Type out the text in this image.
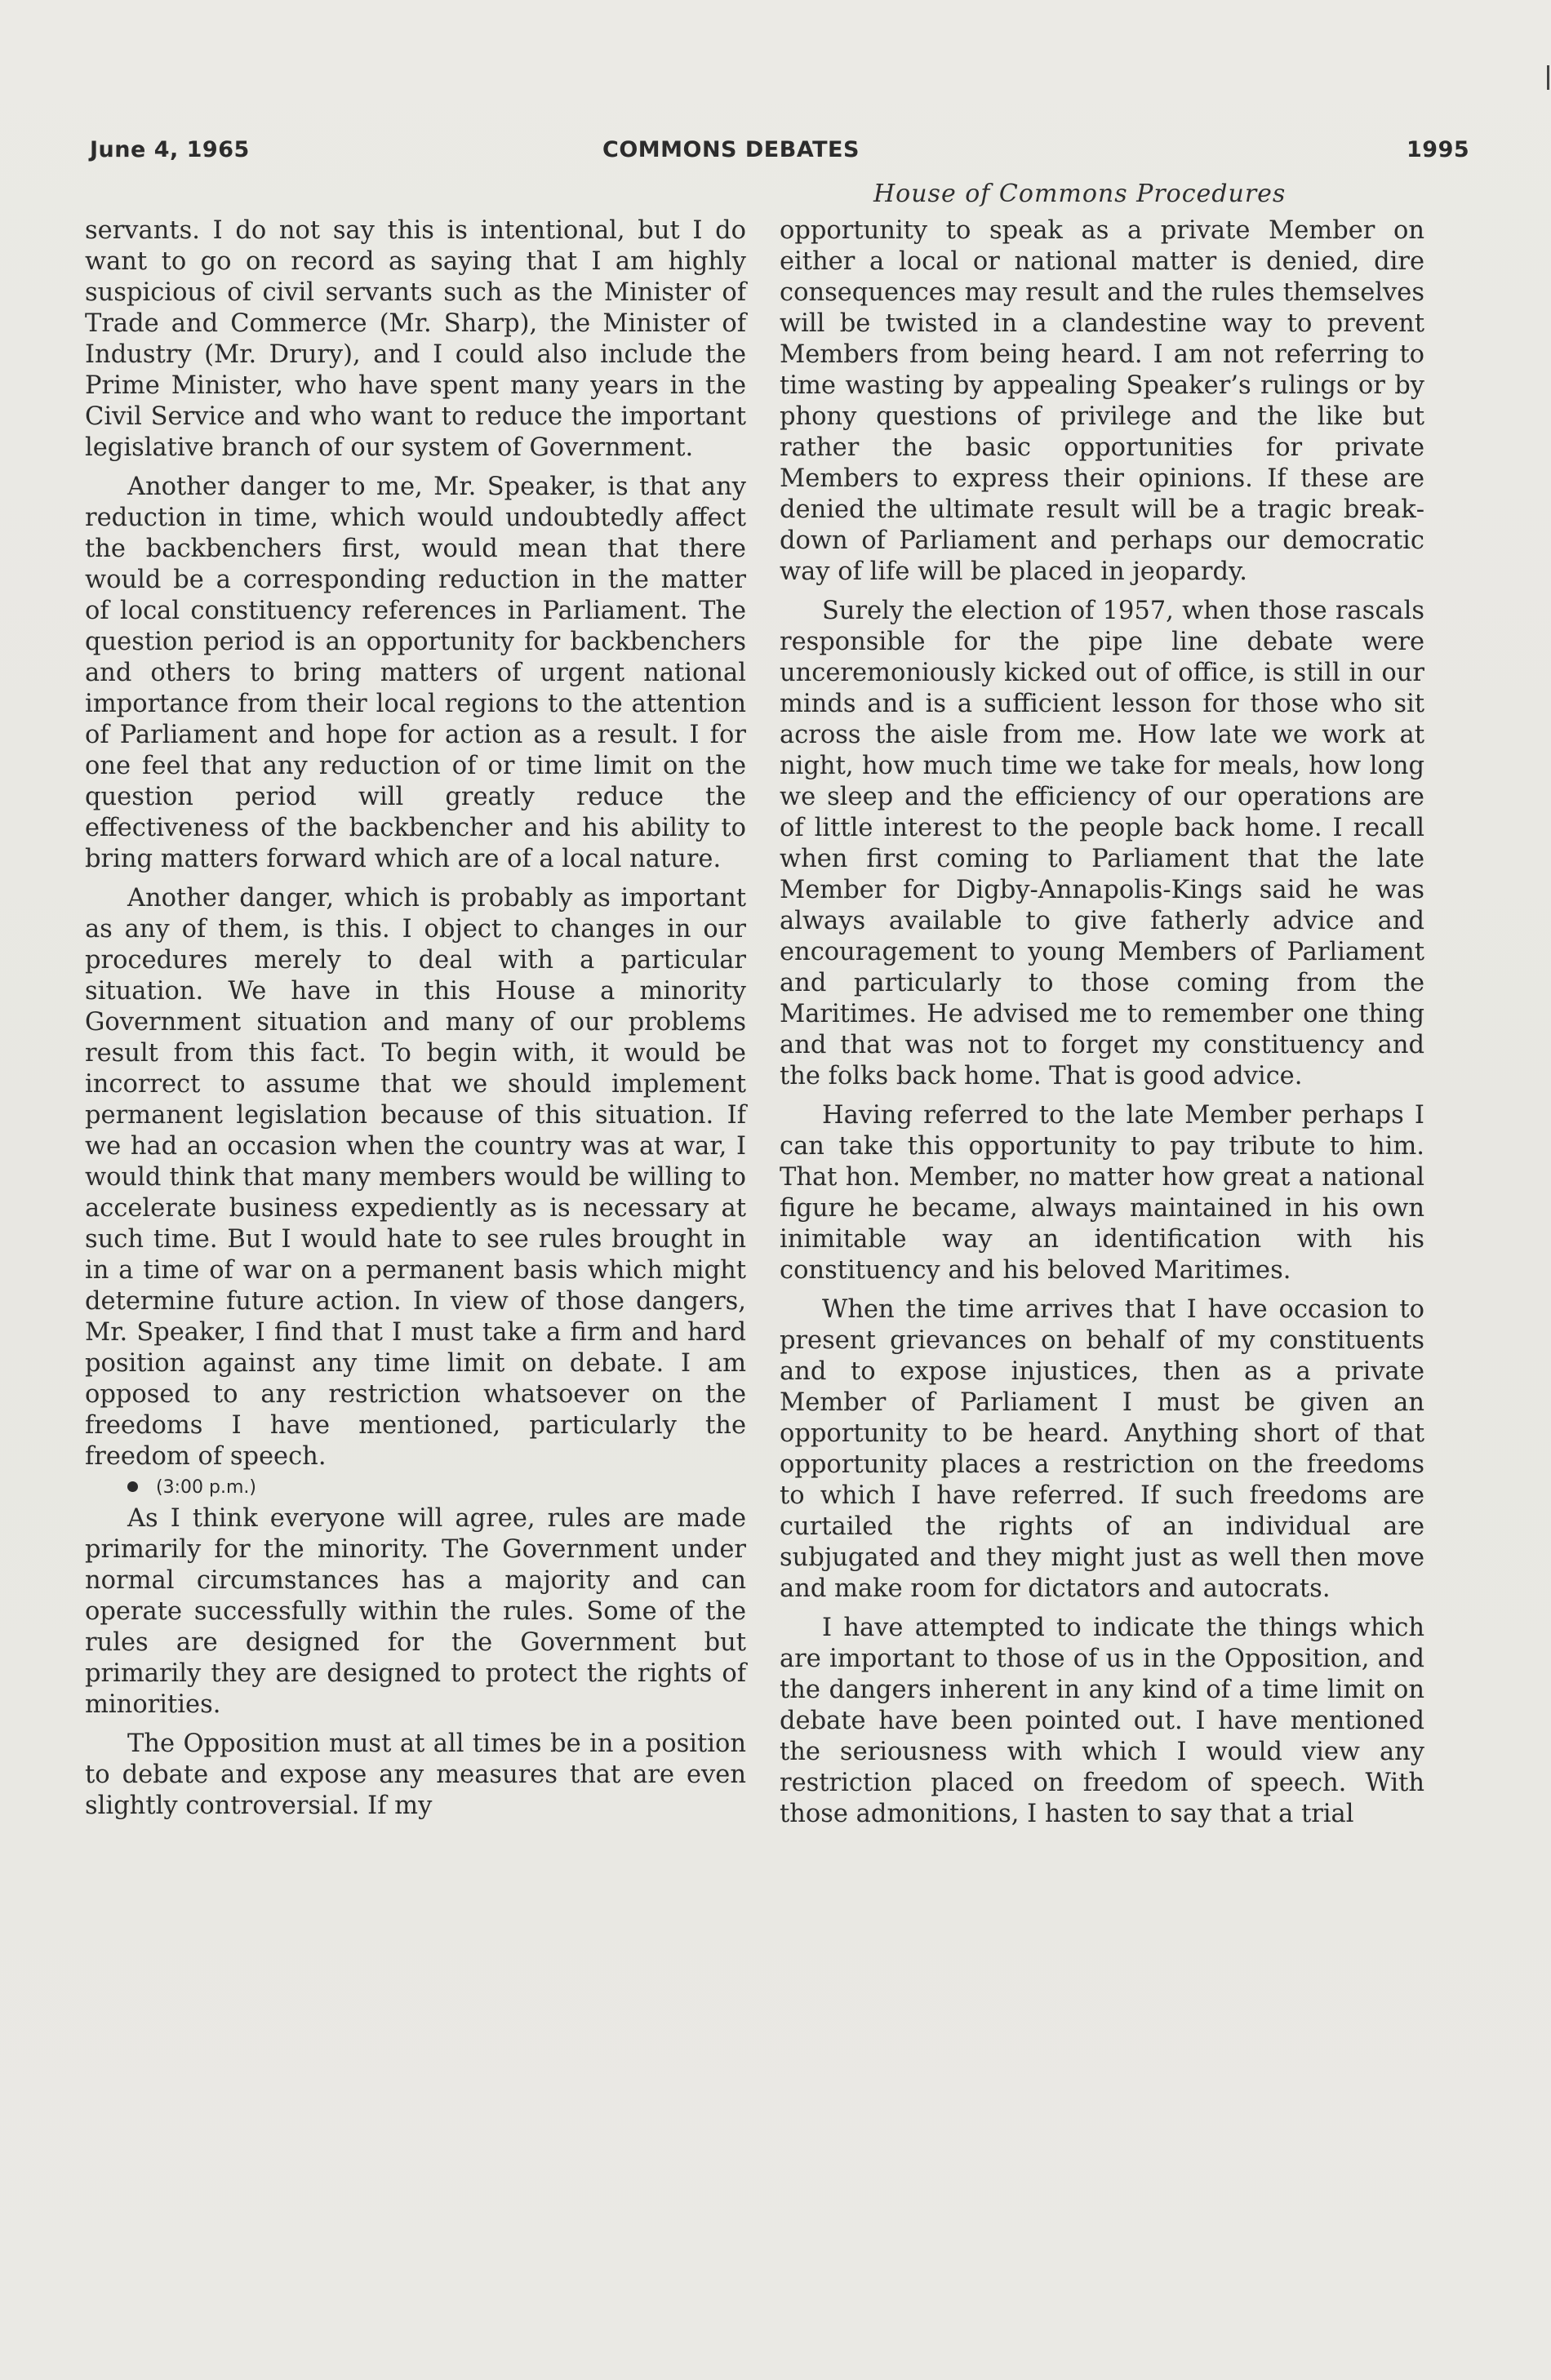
June 4, 1965	COMMONS DEBATES	1995
House of Commons Procedures

servants. I do not say this is intentional, but I do want to go on record as saying that I am highly suspicious of civil servants such as the Minister of Trade and Commerce (Mr. Sharp), the Minister of Industry (Mr. Drury), and I could also include the Prime Minister, who have spent many years in the Civil Service and who want to reduce the important legislative branch of our system of Government.

Another danger to me, Mr. Speaker, is that any reduction in time, which would undoubtedly affect the backbenchers first, would mean that there would be a corresponding reduction in the matter of local constituency references in Parliament. The question period is an opportunity for backbenchers and others to bring matters of urgent national importance from their local regions to the attention of Parliament and hope for action as a result. I for one feel that any reduction of or time limit on the question period will greatly reduce the effectiveness of the backbencher and his ability to bring matters forward which are of a local nature.

Another danger, which is probably as important as any of them, is this. I object to changes in our procedures merely to deal with a particular situation. We have in this House a minority Government situation and many of our problems result from this fact. To begin with, it would be incorrect to assume that we should implement permanent legislation because of this situation. If we had an occasion when the country was at war, I would think that many members would be willing to accelerate business expediently as is necessary at such time. But I would hate to see rules brought in in a time of war on a permanent basis which might determine future action. In view of those dangers, Mr. Speaker, I find that I must take a firm and hard position against any time limit on debate. I am opposed to any restriction whatsoever on the freedoms I have mentioned, particularly the freedom of speech.

(3:00 p.m.)

As I think everyone will agree, rules are made primarily for the minority. The Government under normal circumstances has a majority and can operate successfully within the rules. Some of the rules are designed for the Government but primarily they are designed to protect the rights of minorities.

The Opposition must at all times be in a position to debate and expose any measures that are even slightly controversial. If my

opportunity to speak as a private Member on either a local or national matter is denied, dire consequences may result and the rules themselves will be twisted in a clandestine way to prevent Members from being heard. I am not referring to time wasting by appealing Speaker’s rulings or by phony questions of privilege and the like but rather the basic opportunities for private Members to express their opinions. If these are denied the ultimate result will be a tragic breakdown of Parliament and perhaps our democratic way of life will be placed in jeopardy.

Surely the election of 1957, when those rascals responsible for the pipe line debate were unceremoniously kicked out of office, is still in our minds and is a sufficient lesson for those who sit across the aisle from me. How late we work at night, how much time we take for meals, how long we sleep and the efficiency of our operations are of little interest to the people back home. I recall when first coming to Parliament that the late Member for Digby-Annapolis-Kings said he was always available to give fatherly advice and encouragement to young Members of Parliament and particularly to those coming from the Maritimes. He advised me to remember one thing and that was not to forget my constituency and the folks back home. That is good advice.

Having referred to the late Member perhaps I can take this opportunity to pay tribute to him. That hon. Member, no matter how great a national figure he became, always maintained in his own inimitable way an identification with his constituency and his beloved Maritimes.

When the time arrives that I have occasion to present grievances on behalf of my constituents and to expose injustices, then as a private Member of Parliament I must be given an opportunity to be heard. Anything short of that opportunity places a restriction on the freedoms to which I have referred. If such freedoms are curtailed the rights of an individual are subjugated and they might just as well then move and make room for dictators and autocrats.

I have attempted to indicate the things which are important to those of us in the Opposition, and the dangers inherent in any kind of a time limit on debate have been pointed out. I have mentioned the seriousness with which I would view any restriction placed on freedom of speech. With those admonitions, I hasten to say that a trial
